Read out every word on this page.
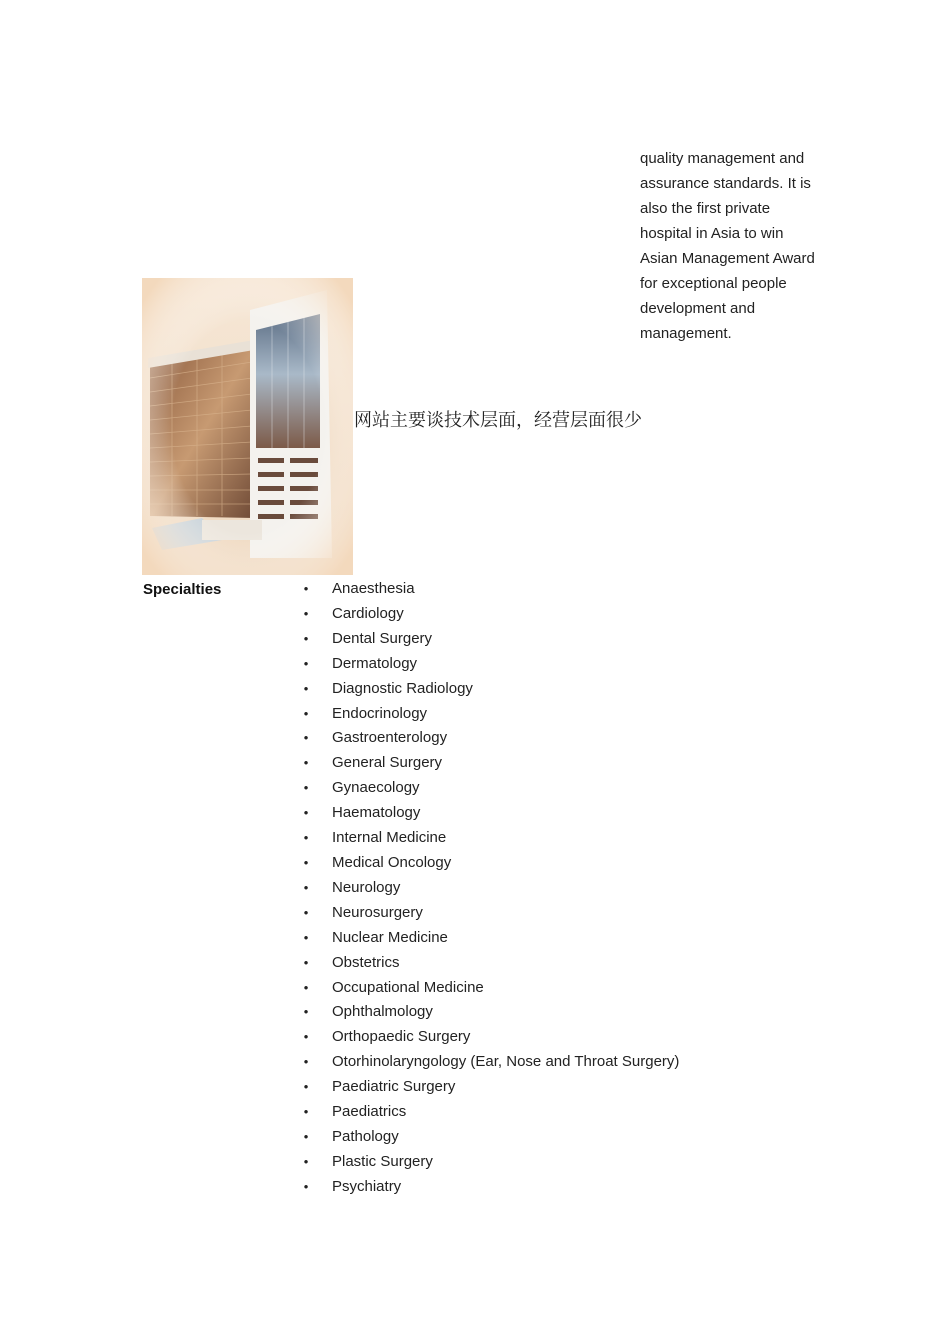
quality management and assurance standards. It is also the first private hospital in Asia to win Asian Management Award for exceptional people development and management.
网站主要谈技术层面，经营层面很少
Specialties	• Anaesthesia
• Cardiology
• Dental Surgery
• Dermatology
• Diagnostic Radiology
• Endocrinology
• Gastroenterology
• General Surgery
• Gynaecology
• Haematology
• Internal Medicine
• Medical Oncology
• Neurology
• Neurosurgery
• Nuclear Medicine
• Obstetrics
• Occupational Medicine
• Ophthalmology
• Orthopaedic Surgery
• Otorhinolaryngology (Ear, Nose and Throat Surgery)
• Paediatric Surgery
• Paediatrics
• Pathology
• Plastic Surgery
• Psychiatry
